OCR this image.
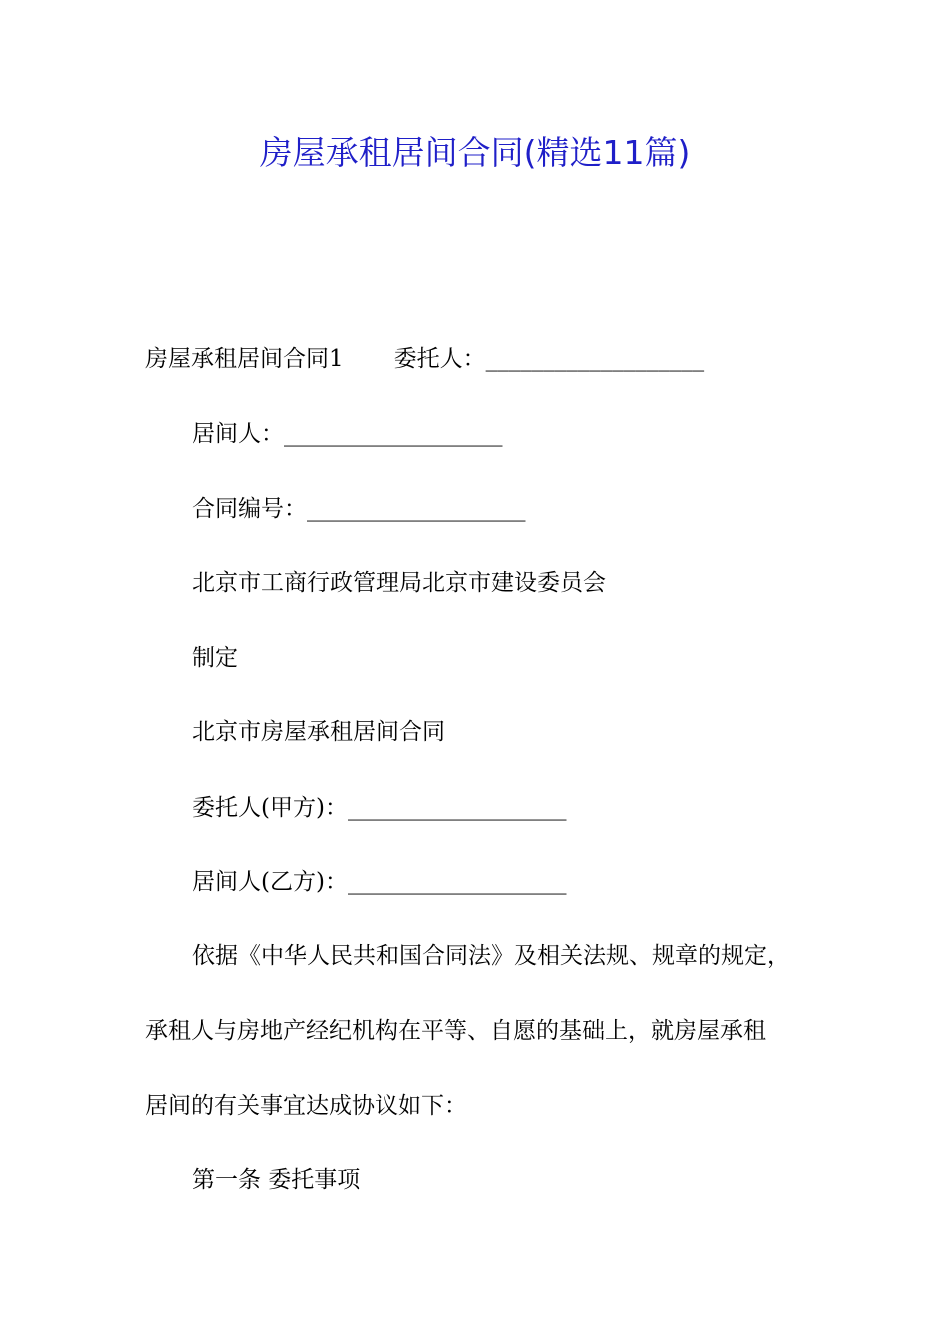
房屋承租居间合同(精选11篇)
房屋承租居间合同1 委托人：___________________
居间人：___________________
合同编号：___________________
北京市工商行政管理局北京市建设委员会
制定
北京市房屋承租居间合同
委托人(甲方)：___________________
居间人(乙方)：___________________
依据《中华人民共和国合同法》及相关法规、规章的规定，
承租人与房地产经纪机构在平等、自愿的基础上，就房屋承租
居间的有关事宜达成协议如下：
第一条 委托事项
